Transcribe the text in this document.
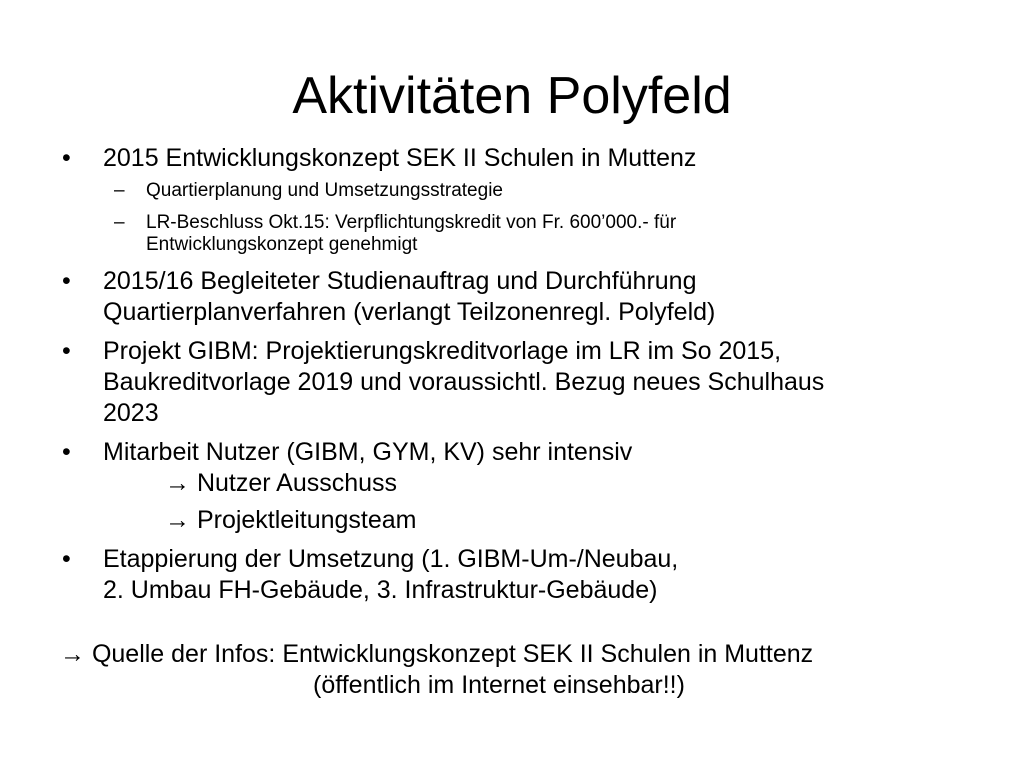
Aktivitäten Polyfeld
• 2015 Entwicklungskonzept SEK II Schulen in Muttenz
– Quartierplanung und Umsetzungsstrategie
– LR-Beschluss Okt.15: Verpflichtungskredit von Fr. 600’000.- für
Entwicklungskonzept genehmigt
• 2015/16 Begleiteter Studienauftrag und Durchführung
Quartierplanverfahren (verlangt Teilzonenregl. Polyfeld)
• Projekt GIBM: Projektierungskreditvorlage im LR im So 2015,
Baukreditvorlage 2019 und voraussichtl. Bezug neues Schulhaus
2023
• Mitarbeit Nutzer (GIBM, GYM, KV) sehr intensiv
→ Nutzer Ausschuss
→ Projektleitungsteam
• Etappierung der Umsetzung (1. GIBM-Um-/Neubau,
2. Umbau FH-Gebäude, 3. Infrastruktur-Gebäude)
→ Quelle der Infos: Entwicklungskonzept SEK II Schulen in Muttenz
(öffentlich im Internet einsehbar!!)
